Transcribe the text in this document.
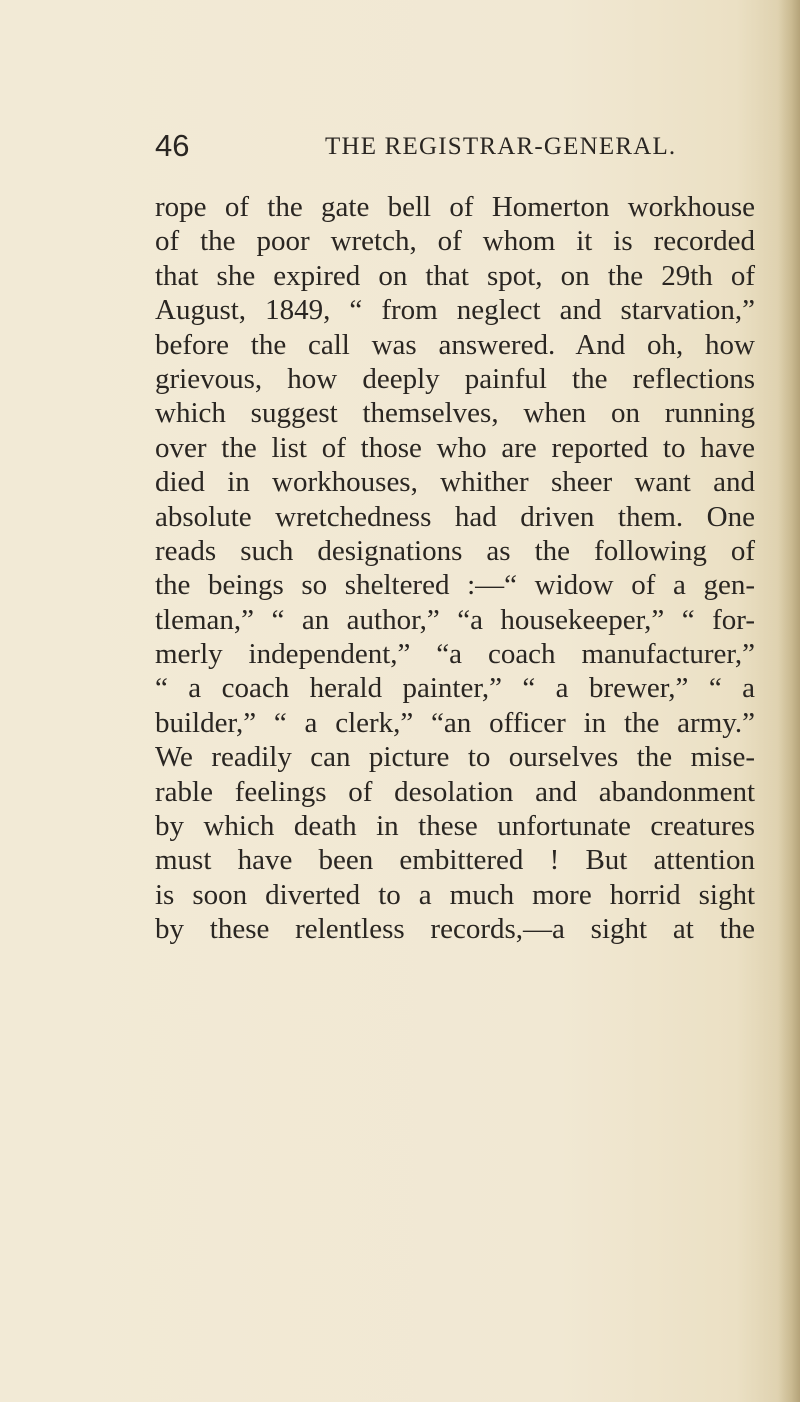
46	THE REGISTRAR-GENERAL.
rope of the gate bell of Homerton workhouse
of the poor wretch, of whom it is recorded
that she expired on that spot, on the 29th of
August, 1849, “ from neglect and starvation,”
before the call was answered. And oh, how
grievous, how deeply painful the reflections
which suggest themselves, when on running
over the list of those who are reported to have
died in workhouses, whither sheer want and
absolute wretchedness had driven them. One
reads such designations as the following of
the beings so sheltered :—“ widow of a gen-
tleman,” “ an author,” “a housekeeper,” “ for-
merly independent,” “a coach manufacturer,”
“ a coach herald painter,” “ a brewer,” “ a
builder,” “ a clerk,” “an officer in the army.”
We readily can picture to ourselves the mise-
rable feelings of desolation and abandonment
by which death in these unfortunate creatures
must have been embittered ! But attention
is soon diverted to a much more horrid sight
by these relentless records,—a sight at the
